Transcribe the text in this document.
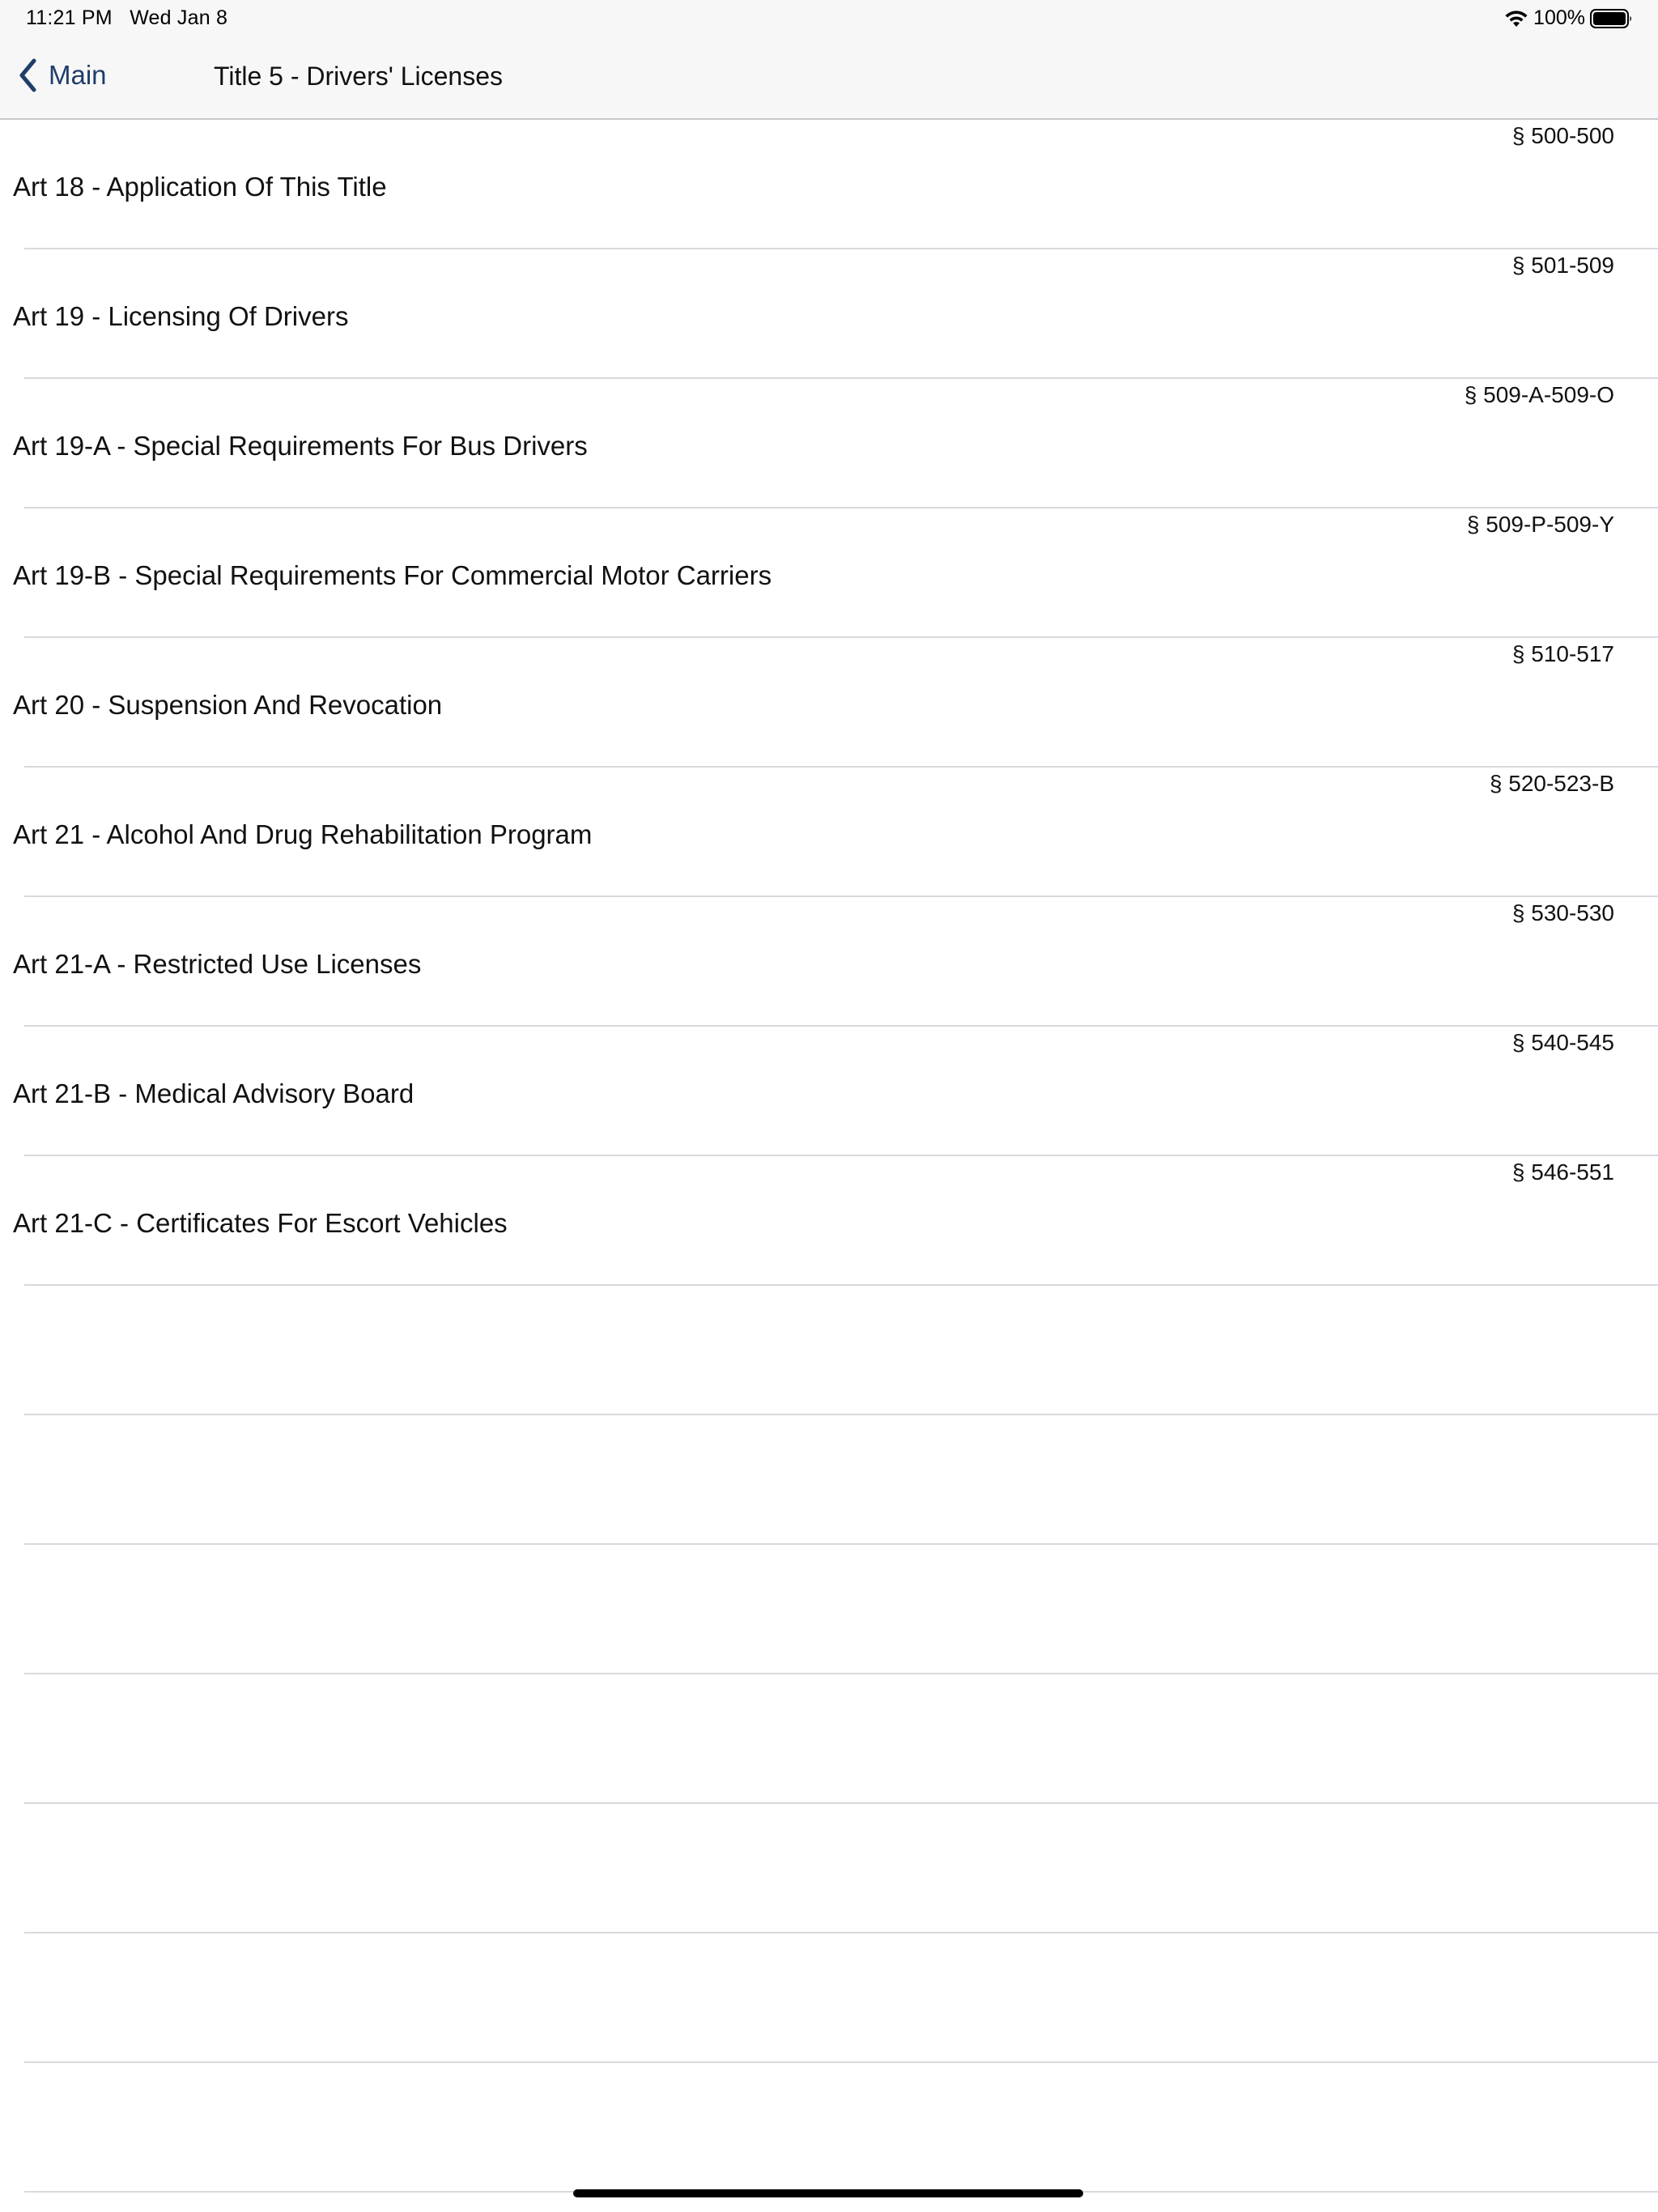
11:21 PM Wed Jan 8	100%
Main	Title 5 - Drivers' Licenses
§ 500-500
Art 18 - Application Of This Title
§ 501-509
Art 19 - Licensing Of Drivers
§ 509-A-509-O
Art 19-A - Special Requirements For Bus Drivers
§ 509-P-509-Y
Art 19-B - Special Requirements For Commercial Motor Carriers
§ 510-517
Art 20 - Suspension And Revocation
§ 520-523-B
Art 21 - Alcohol And Drug Rehabilitation Program
§ 530-530
Art 21-A - Restricted Use Licenses
§ 540-545
Art 21-B - Medical Advisory Board
§ 546-551
Art 21-C - Certificates For Escort Vehicles
